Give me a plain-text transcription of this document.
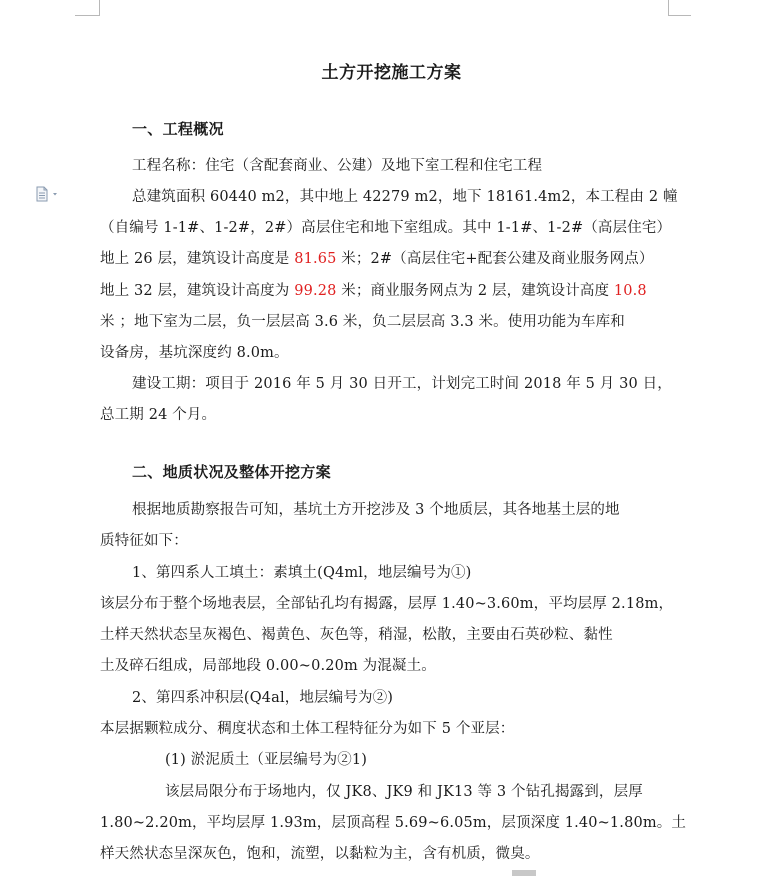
土方开挖施工方案
一、工程概况
工程名称：住宅（含配套商业、公建）及地下室工程和住宅工程
总建筑面积 60440 m2，其中地上 42279 m2，地下 18161.4m2，本工程由 2 幢
（自编号 1-1#、1-2#，2#）高层住宅和地下室组成。其中 1-1#、1-2#（高层住宅）
地上 26 层，建筑设计高度是 81.65 米；2#（高层住宅+配套公建及商业服务网点）
地上 32 层，建筑设计高度为 99.28 米；商业服务网点为 2 层，建筑设计高度 10.8
米 ；地下室为二层，负一层层高 3.6 米，负二层层高 3.3 米。使用功能为车库和
设备房，基坑深度约 8.0m。
建设工期：项目于 2016 年 5 月 30 日开工，计划完工时间 2018 年 5 月 30 日，
总工期 24 个月。
二、地质状况及整体开挖方案
根据地质勘察报告可知，基坑土方开挖涉及 3 个地质层，其各地基土层的地
质特征如下：
1、第四系人工填土：素填土(Q4ml，地层编号为①)
该层分布于整个场地表层，全部钻孔均有揭露，层厚 1.40~3.60m，平均层厚 2.18m，
土样天然状态呈灰褐色、褐黄色、灰色等，稍湿，松散，主要由石英砂粒、黏性
土及碎石组成，局部地段 0.00~0.20m 为混凝土。
2、第四系冲积层(Q4al，地层编号为②)
本层据颗粒成分、稠度状态和土体工程特征分为如下 5 个亚层：
(1) 淤泥质土（亚层编号为②1)
该层局限分布于场地内，仅 JK8、JK9 和 JK13 等 3 个钻孔揭露到，层厚
1.80~2.20m，平均层厚 1.93m，层顶高程 5.69~6.05m，层顶深度 1.40~1.80m。土
样天然状态呈深灰色，饱和，流塑，以黏粒为主，含有机质，微臭。
